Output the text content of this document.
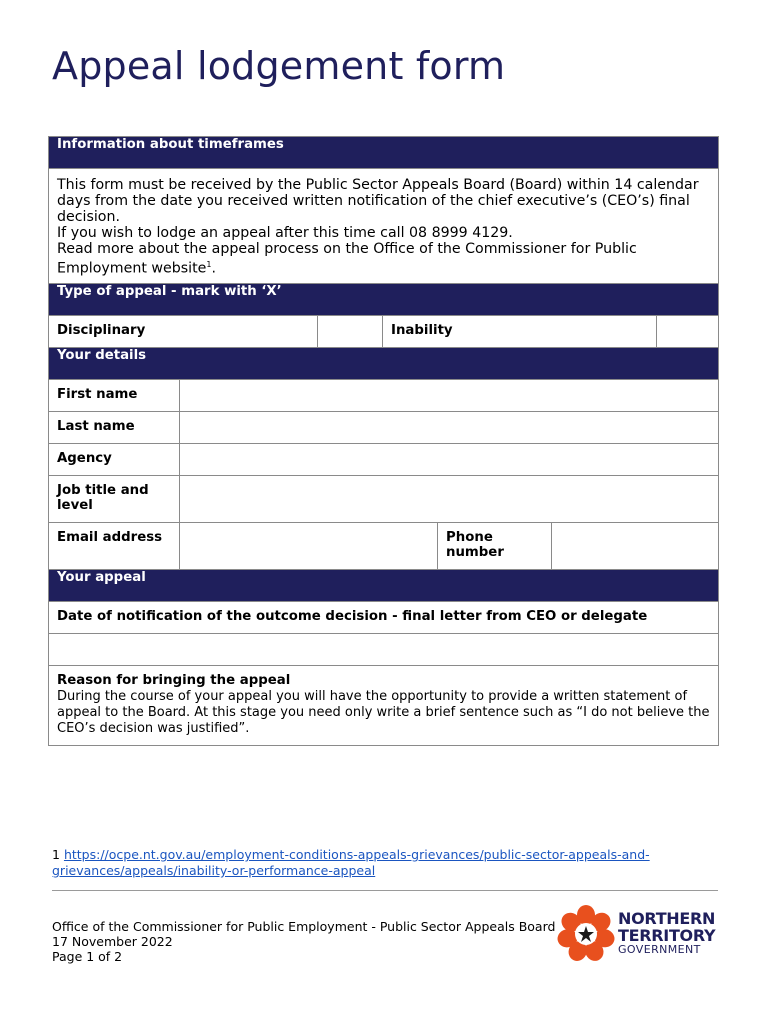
Appeal lodgement form
Information about timeframes						

This form must be received by the Public Sector Appeals Board (Board) within 14 calendar days from the date you received written notification of the chief executive’s (CEO’s) final decision.

If you wish to lodge an appeal after this time call 08 8999 4129.

Read more about the appeal process on the Office of the Commissioner for Public Employment website$^1$.						

Type of appeal - mark with ‘X’						
Disciplinary			Inability			
Your details						
First name						
Last name						
Agency						
Job title and level						
Email address				Phone number		
Your appeal						
Date of notification of the outcome decision - final letter from CEO or delegate						

Reason for bringing the appeal
During the course of your appeal you will have the opportunity to provide a written statement of appeal to the Board. At this stage you need only write a brief sentence such as “I do not believe the CEO’s decision was justified”.						
1 https://ocpe.nt.gov.au/employment-conditions-appeals-grievances/public-sector-appeals-and-grievances/appeals/inability-or-performance-appeal
Office of the Commissioner for Public Employment - Public Sector Appeals Board
17 November 2022
Page 1 of 2
NORTHERN
TERRITORY
GOVERNMENT
